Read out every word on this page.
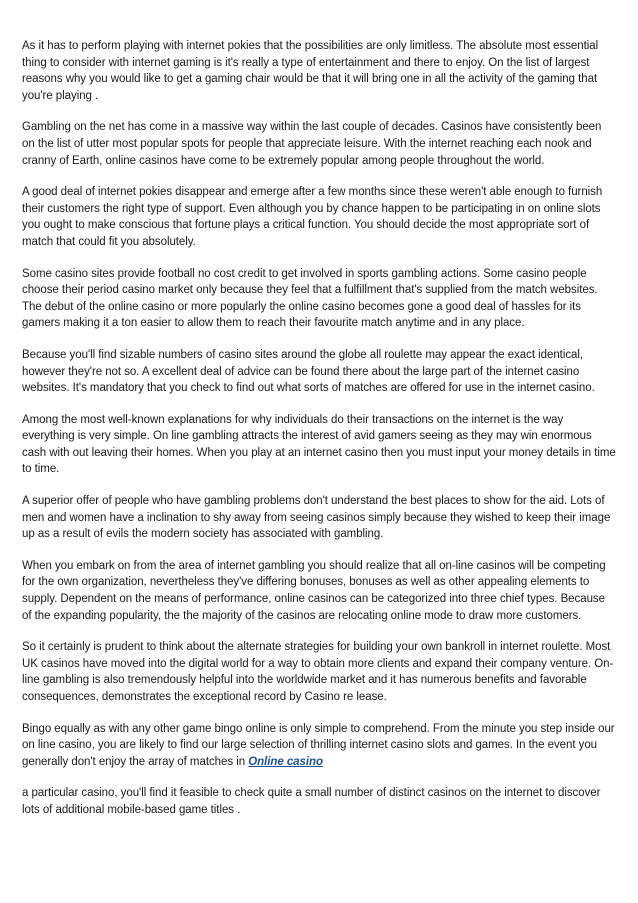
As it has to perform playing with internet pokies that the possibilities are only limitless. The absolute most essential thing to consider with internet gaming is it's really a type of entertainment and there to enjoy. On the list of largest reasons why you would like to get a gaming chair would be that it will bring one in all the activity of the gaming that you're playing .

Gambling on the net has come in a massive way within the last couple of decades. Casinos have consistently been on the list of utter most popular spots for people that appreciate leisure. With the internet reaching each nook and cranny of Earth, online casinos have come to be extremely popular among people throughout the world.

A good deal of internet pokies disappear and emerge after a few months since these weren't able enough to furnish their customers the right type of support. Even although you by chance happen to be participating in on online slots you ought to make conscious that fortune plays a critical function. You should decide the most appropriate sort of match that could fit you absolutely.

Some casino sites provide football no cost credit to get involved in sports gambling actions. Some casino people choose their period casino market only because they feel that a fulfillment that's supplied from the match websites. The debut of the online casino or more popularly the online casino becomes gone a good deal of hassles for its gamers making it a ton easier to allow them to reach their favourite match anytime and in any place.

Because you'll find sizable numbers of casino sites around the globe all roulette may appear the exact identical, however they're not so. A excellent deal of advice can be found there about the large part of the internet casino websites. It's mandatory that you check to find out what sorts of matches are offered for use in the internet casino.

Among the most well-known explanations for why individuals do their transactions on the internet is the way everything is very simple. On line gambling attracts the interest of avid gamers seeing as they may win enormous cash with out leaving their homes. When you play at an internet casino then you must input your money details in time to time.

A superior offer of people who have gambling problems don't understand the best places to show for the aid. Lots of men and women have a inclination to shy away from seeing casinos simply because they wished to keep their image up as a result of evils the modern society has associated with gambling.

When you embark on from the area of internet gambling you should realize that all on-line casinos will be competing for the own organization, nevertheless they've differing bonuses, bonuses as well as other appealing elements to supply. Dependent on the means of performance, online casinos can be categorized into three chief types. Because of the expanding popularity, the the majority of the casinos are relocating online mode to draw more customers.

So it certainly is prudent to think about the alternate strategies for building your own bankroll in internet roulette. Most UK casinos have moved into the digital world for a way to obtain more clients and expand their company venture. On-line gambling is also tremendously helpful into the worldwide market and it has numerous benefits and favorable consequences, demonstrates the exceptional record by Casino re lease.

Bingo equally as with any other game bingo online is only simple to comprehend. From the minute you step inside our on line casino, you are likely to find our large selection of thrilling internet casino slots and games. In the event you generally don't enjoy the array of matches in Online casino

a particular casino, you'll find it feasible to check quite a small number of distinct casinos on the internet to discover lots of additional mobile-based game titles .
